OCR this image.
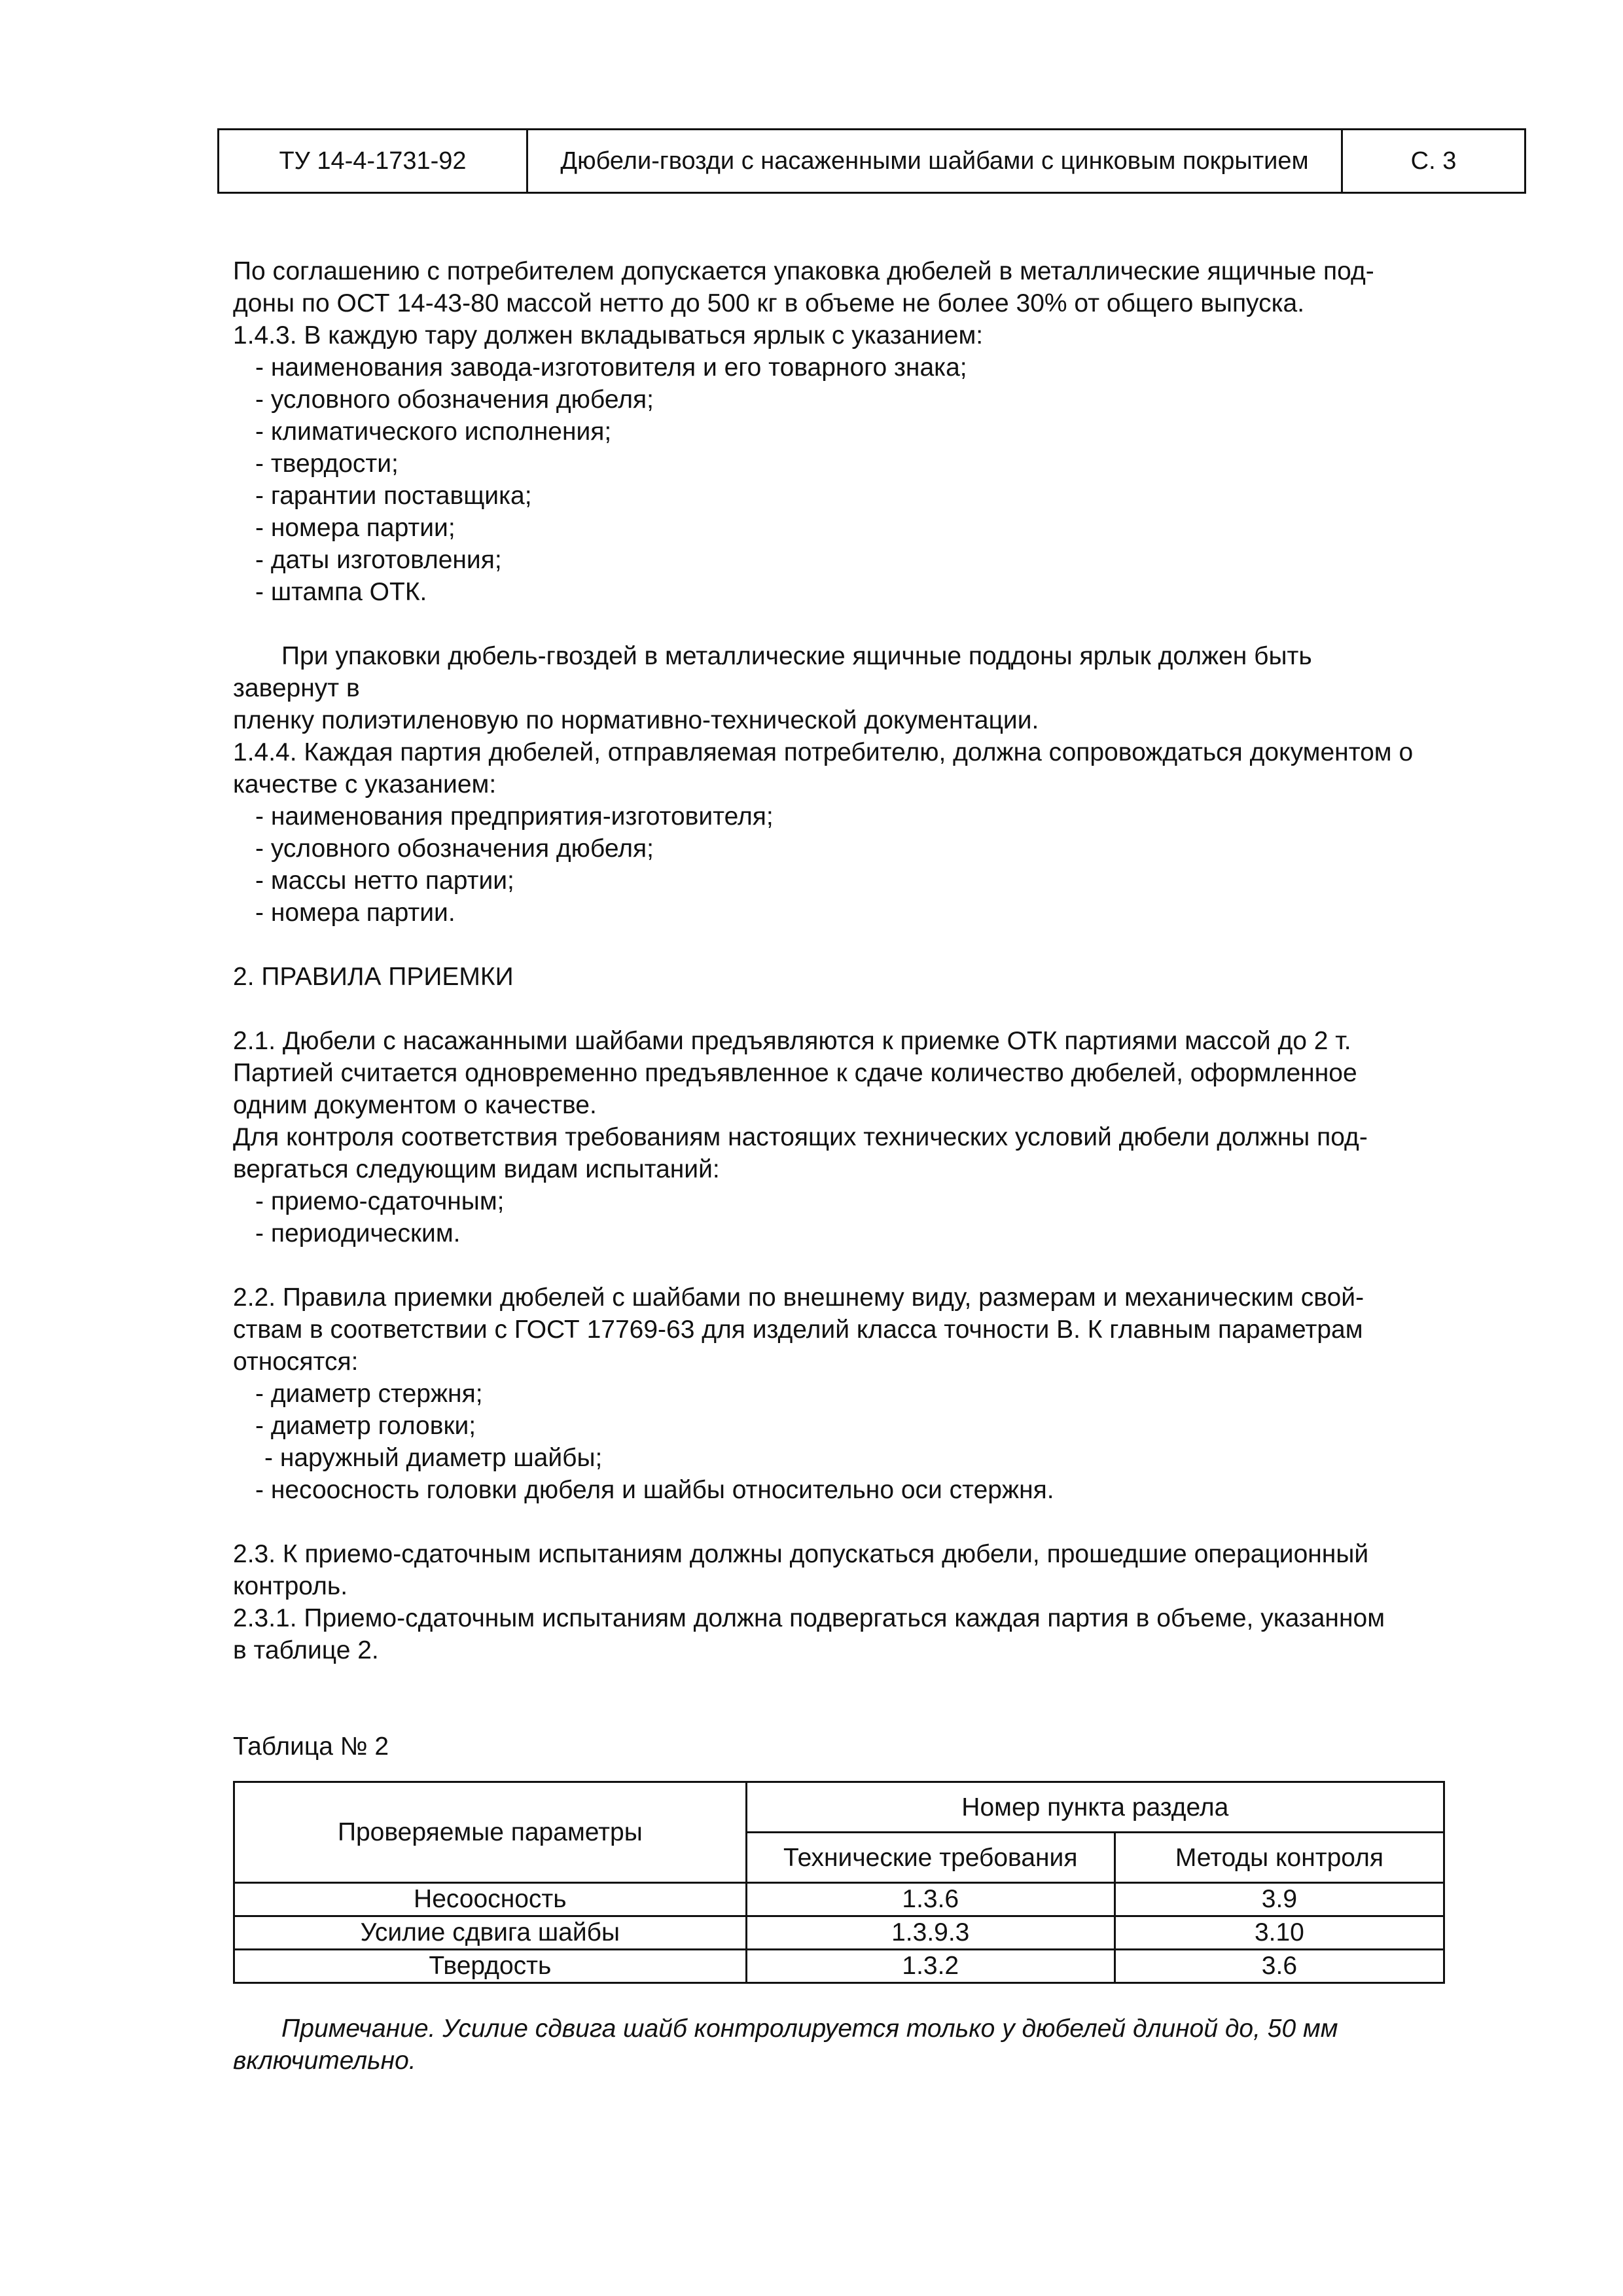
ТУ 14-4-1731-92	Дюбели-гвозди с насаженными шайбами с цинковым покрытием	С. 3

По соглашению с потребителем допускается упаковка дюбелей в металлические ящичные под-

доны по ОСТ 14-43-80 массой нетто до 500 кг в объеме не более 30% от общего выпуска.

1.4.3. В каждую тару должен вкладываться ярлык с указанием:

- наименования завода-изготовителя и его товарного знака;

- условного обозначения дюбеля;

- климатического исполнения;

- твердости;

- гарантии поставщика;

- номера партии;

- даты изготовления;

- штампа ОТК.

При упаковки дюбель-гвоздей в металлические ящичные поддоны ярлык должен быть

завернут в

пленку полиэтиленовую по нормативно-технической документации.

1.4.4. Каждая партия дюбелей, отправляемая потребителю, должна сопровождаться документом о

качестве с указанием:

- наименования предприятия-изготовителя;

- условного обозначения дюбеля;

- массы нетто партии;

- номера партии.

2. ПРАВИЛА ПРИЕМКИ

2.1. Дюбели с насажанными шайбами предъявляются к приемке ОТК партиями массой до 2 т.

Партией считается одновременно предъявленное к сдаче количество дюбелей, оформленное

одним документом о качестве.

Для контроля соответствия требованиям настоящих технических условий дюбели должны под-

вергаться следующим видам испытаний:

- приемо-сдаточным;

- периодическим.

2.2. Правила приемки дюбелей с шайбами по внешнему виду, размерам и механическим свой-

ствам в соответствии с ГОСТ 17769-63 для изделий класса точности В. К главным параметрам

относятся:

- диаметр стержня;

- диаметр головки;

- наружный диаметр шайбы;

- несоосность головки дюбеля и шайбы относительно оси стержня.

2.3. К приемо-сдаточным испытаниям должны допускаться дюбели, прошедшие операционный

контроль.

2.3.1. Приемо-сдаточным испытаниям должна подвергаться каждая партия в объеме, указанном

в таблице 2.

Таблица № 2

Проверяемые параметры	Номер пункта раздела	
	Технические требования	Методы контроля
Несоосность	1.3.6	3.9
Усилие сдвига шайбы	1.3.9.3	3.10
Твердость	1.3.2	3.6

Примечание. Усилие сдвига шайб контролируется только у дюбелей длиной до, 50 мм включительно.
